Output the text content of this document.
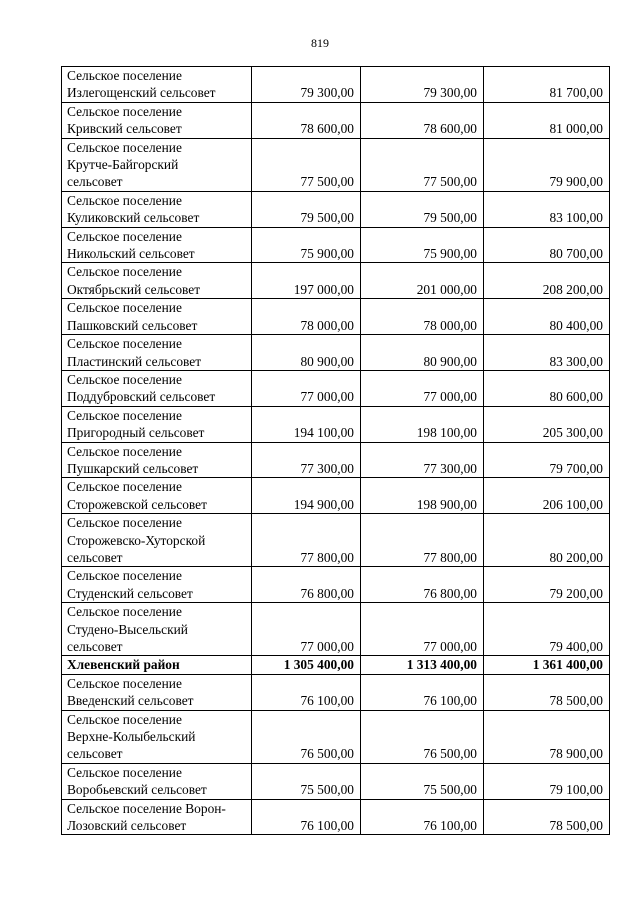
819
Сельское поселение
Излегощенский сельсовет	79 300,00	79 300,00	81 700,00
Сельское поселение
Кривский сельсовет	78 600,00	78 600,00	81 000,00
Сельское поселение
Крутче-Байгорский
сельсовет	77 500,00	77 500,00	79 900,00
Сельское поселение
Куликовский сельсовет	79 500,00	79 500,00	83 100,00
Сельское поселение
Никольский сельсовет	75 900,00	75 900,00	80 700,00
Сельское поселение
Октябрьский сельсовет	197 000,00	201 000,00	208 200,00
Сельское поселение
Пашковский сельсовет	78 000,00	78 000,00	80 400,00
Сельское поселение
Пластинский сельсовет	80 900,00	80 900,00	83 300,00
Сельское поселение
Поддубровский сельсовет	77 000,00	77 000,00	80 600,00
Сельское поселение
Пригородный сельсовет	194 100,00	198 100,00	205 300,00
Сельское поселение
Пушкарский сельсовет	77 300,00	77 300,00	79 700,00
Сельское поселение
Сторожевской сельсовет	194 900,00	198 900,00	206 100,00
Сельское поселение
Сторожевско-Хуторской
сельсовет	77 800,00	77 800,00	80 200,00
Сельское поселение
Студенский сельсовет	76 800,00	76 800,00	79 200,00
Сельское поселение
Студено-Высельский
сельсовет	77 000,00	77 000,00	79 400,00
Хлевенский район	1 305 400,00	1 313 400,00	1 361 400,00
Сельское поселение
Введенский сельсовет	76 100,00	76 100,00	78 500,00
Сельское поселение
Верхне-Колыбельский
сельсовет	76 500,00	76 500,00	78 900,00
Сельское поселение
Воробьевский сельсовет	75 500,00	75 500,00	79 100,00
Сельское поселение Ворон-
Лозовский сельсовет	76 100,00	76 100,00	78 500,00
